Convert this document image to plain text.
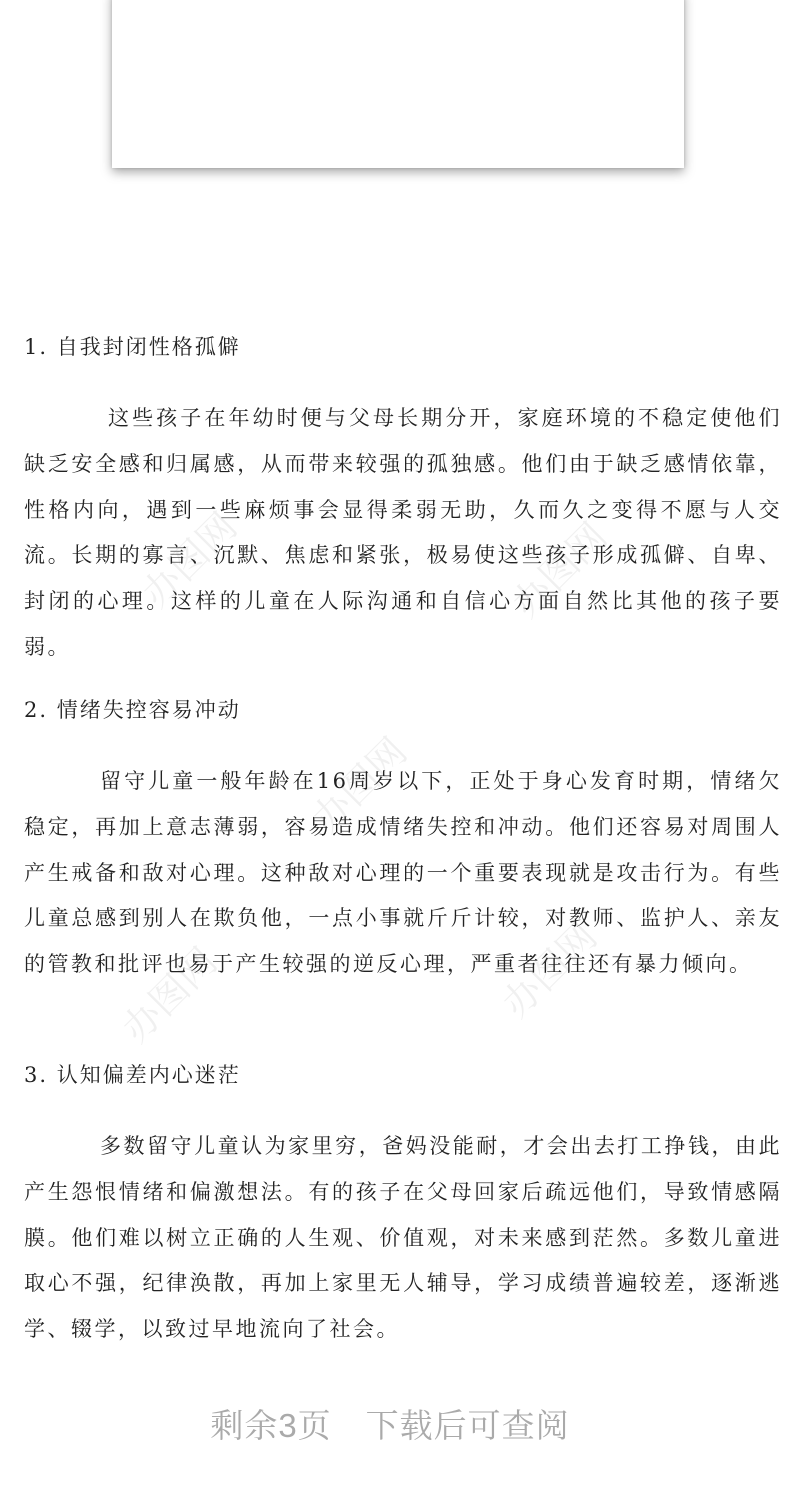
办图网	办图网
办图网
办图网
办图网
1. 自我封闭性格孤僻

这些孩子在年幼时便与父母长期分开，家庭环境的不稳定使他们缺乏安全感和归属感，从而带来较强的孤独感。他们由于缺乏感情依靠，性格内向，遇到一些麻烦事会显得柔弱无助，久而久之变得不愿与人交流。长期的寡言、沉默、焦虑和紧张，极易使这些孩子形成孤僻、自卑、封闭的心理。这样的儿童在人际沟通和自信心方面自然比其他的孩子要弱。

2. 情绪失控容易冲动

留守儿童一般年龄在16周岁以下，正处于身心发育时期，情绪欠稳定，再加上意志薄弱，容易造成情绪失控和冲动。他们还容易对周围人产生戒备和敌对心理。这种敌对心理的一个重要表现就是攻击行为。有些儿童总感到别人在欺负他，一点小事就斤斤计较，对教师、监护人、亲友的管教和批评也易于产生较强的逆反心理，严重者往往还有暴力倾向。

3. 认知偏差内心迷茫

多数留守儿童认为家里穷，爸妈没能耐，才会出去打工挣钱，由此产生怨恨情绪和偏激想法。有的孩子在父母回家后疏远他们，导致情感隔膜。他们难以树立正确的人生观、价值观，对未来感到茫然。多数儿童进取心不强，纪律涣散，再加上家里无人辅导，学习成绩普遍较差，逐渐逃学、辍学，以致过早地流向了社会。

剩余3页 下载后可查阅
